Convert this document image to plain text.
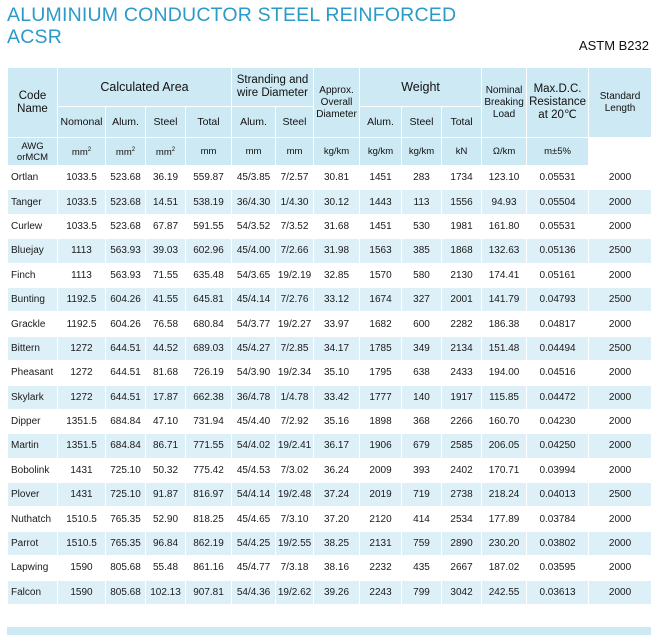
ALUMINIUM CONDUCTOR STEEL REINFORCED
ACSR	ASTM B232
Code Name	Calculated Area				Stranding and wire Diameter		Approx. Overall Diameter	Weight			Nominal Breaking Load	Max.D.C. Resistance at 20℃	Standard Length
	Nomonal	Alum.	Steel	Total	Alum.	Steel		Alum.	Steel	Total			
AWG orMCM	$mm^2$	$mm^2$	$mm^2$	mm	mm	mm	kg/km	kg/km	kg/km	kN	Ω/km	m±5%	
Ortlan	1033.5	523.68	36.19	559.87	45/3.85	7/2.57	30.81	1451	283	1734	123.10	0.05531	2000
Tanger	1033.5	523.68	14.51	538.19	36/4.30	1/4.30	30.12	1443	113	1556	94.93	0.05504	2000
Curlew	1033.5	523.68	67.87	591.55	54/3.52	7/3.52	31.68	1451	530	1981	161.80	0.05531	2000
Bluejay	1113	563.93	39.03	602.96	45/4.00	7/2.66	31.98	1563	385	1868	132.63	0.05136	2500
Finch	1113	563.93	71.55	635.48	54/3.65	19/2.19	32.85	1570	580	2130	174.41	0.05161	2000
Bunting	1192.5	604.26	41.55	645.81	45/4.14	7/2.76	33.12	1674	327	2001	141.79	0.04793	2500
Grackle	1192.5	604.26	76.58	680.84	54/3.77	19/2.27	33.97	1682	600	2282	186.38	0.04817	2000
Bittern	1272	644.51	44.52	689.03	45/4.27	7/2.85	34.17	1785	349	2134	151.48	0.04494	2500
Pheasant	1272	644.51	81.68	726.19	54/3.90	19/2.34	35.10	1795	638	2433	194.00	0.04516	2000
Skylark	1272	644.51	17.87	662.38	36/4.78	1/4.78	33.42	1777	140	1917	115.85	0.04472	2000
Dipper	1351.5	684.84	47.10	731.94	45/4.40	7/2.92	35.16	1898	368	2266	160.70	0.04230	2000
Martin	1351.5	684.84	86.71	771.55	54/4.02	19/2.41	36.17	1906	679	2585	206.05	0.04250	2000
Bobolink	1431	725.10	50.32	775.42	45/4.53	7/3.02	36.24	2009	393	2402	170.71	0.03994	2000
Plover	1431	725.10	91.87	816.97	54/4.14	19/2.48	37.24	2019	719	2738	218.24	0.04013	2500
Nuthatch	1510.5	765.35	52.90	818.25	45/4.65	7/3.10	37.20	2120	414	2534	177.89	0.03784	2000
Parrot	1510.5	765.35	96.84	862.19	54/4.25	19/2.55	38.25	2131	759	2890	230.20	0.03802	2000
Lapwing	1590	805.68	55.48	861.16	45/4.77	7/3.18	38.16	2232	435	2667	187.02	0.03595	2000
Falcon	1590	805.68	102.13	907.81	54/4.36	19/2.62	39.26	2243	799	3042	242.55	0.03613	2000
